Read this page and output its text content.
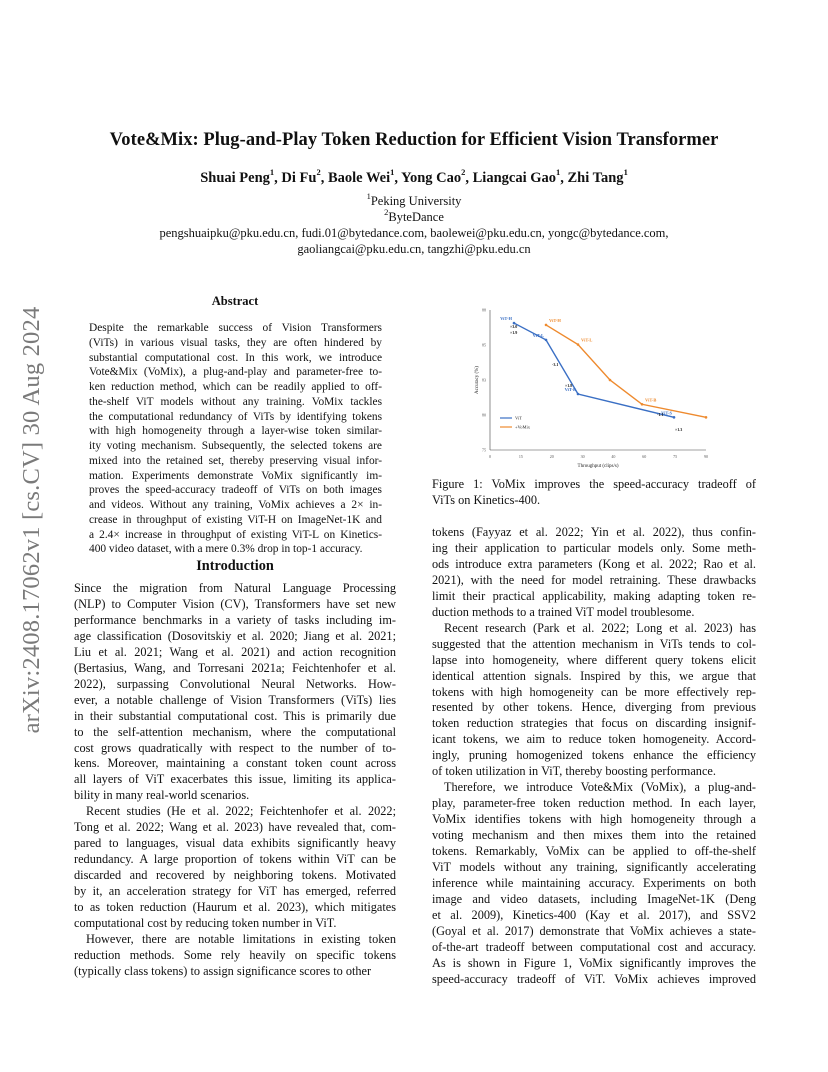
Vote&Mix: Plug-and-Play Token Reduction for Efficient Vision Transformer
Shuai Peng$^1$, Di Fu$^2$, Baole Wei$^1$, Yong Cao$^2$, Liangcai Gao$^1$, Zhi Tang$^1$
$^1$Peking University
$^2$ByteDance
pengshuaipku@pku.edu.cn, fudi.01@bytedance.com, baolewei@pku.edu.cn, yongc@bytedance.com,
gaoliangcai@pku.edu.cn, tangzhi@pku.edu.cn
arXiv:2408.17062v1 [cs.CV] 30 Aug 2024
Abstract
Despite the remarkable success of Vision Transformers
(ViTs) in various visual tasks, they are often hindered by
substantial computational cost. In this work, we introduce
Vote&Mix (VoMix), a plug-and-play and parameter-free to-
ken reduction method, which can be readily applied to off-
the-shelf ViT models without any training. VoMix tackles
the computational redundancy of ViTs by identifying tokens
with high homogeneity through a layer-wise token similar-
ity voting mechanism. Subsequently, the selected tokens are
mixed into the retained set, thereby preserving visual infor-
mation. Experiments demonstrate VoMix significantly im-
proves the speed-accuracy tradeoff of ViTs on both images
and videos. Without any training, VoMix achieves a 2× in-
crease in throughput of existing ViT-H on ImageNet-1K and
a 2.4× increase in throughput of existing ViT-L on Kinetics-
400 video dataset, with a mere 0.3% drop in top-1 accuracy.
Introduction
Since the migration from Natural Language Processing
(NLP) to Computer Vision (CV), Transformers have set new
performance benchmarks in a variety of tasks including im-
age classification (Dosovitskiy et al. 2020; Jiang et al. 2021;
Liu et al. 2021; Wang et al. 2021) and action recognition
(Bertasius, Wang, and Torresani 2021a; Feichtenhofer et al.
2022), surpassing Convolutional Neural Networks. How-
ever, a notable challenge of Vision Transformers (ViTs) lies
in their substantial computational cost. This is primarily due
to the self-attention mechanism, where the computational
cost grows quadratically with respect to the number of to-
kens. Moreover, maintaining a constant token count across
all layers of ViT exacerbates this issue, limiting its applica-
bility in many real-world scenarios.
Recent studies (He et al. 2022; Feichtenhofer et al. 2022;
Tong et al. 2022; Wang et al. 2023) have revealed that, com-
pared to languages, visual data exhibits significantly heavy
redundancy. A large proportion of tokens within ViT can be
discarded and recovered by neighboring tokens. Motivated
by it, an acceleration strategy for ViT has emerged, referred
to as token reduction (Haurum et al. 2023), which mitigates
computational cost by reducing token number in ViT.
However, there are notable limitations in existing token
reduction methods. Some rely heavily on specific tokens
(typically class tokens) to assign significance scores to other
0	15	20	30	40	60	75	90
75
80
83
85
88
Throughput (clips/s)
Accuracy (%)
ViT-H
ViT-L
ViT-B
ViT-S
ViT-H
ViT-L
ViT-B
×3.0
×1.9
-3.1
×1.8
-1.1
×1.3
ViT
+VoMix
Figure 1: VoMix improves the speed-accuracy tradeoff of
ViTs on Kinetics-400.
tokens (Fayyaz et al. 2022; Yin et al. 2022), thus confin-
ing their application to particular models only. Some meth-
ods introduce extra parameters (Kong et al. 2022; Rao et al.
2021), with the need for model retraining. These drawbacks
limit their practical applicability, making adapting token re-
duction methods to a trained ViT model troublesome.
Recent research (Park et al. 2022; Long et al. 2023) has
suggested that the attention mechanism in ViTs tends to col-
lapse into homogeneity, where different query tokens elicit
identical attention signals. Inspired by this, we argue that
tokens with high homogeneity can be more effectively rep-
resented by other tokens. Hence, diverging from previous
token reduction strategies that focus on discarding insignif-
icant tokens, we aim to reduce token homogeneity. Accord-
ingly, pruning homogenized tokens enhance the efficiency
of token utilization in ViT, thereby boosting performance.
Therefore, we introduce Vote&Mix (VoMix), a plug-and-
play, parameter-free token reduction method. In each layer,
VoMix identifies tokens with high homogeneity through a
voting mechanism and then mixes them into the retained
tokens. Remarkably, VoMix can be applied to off-the-shelf
ViT models without any training, significantly accelerating
inference while maintaining accuracy. Experiments on both
image and video datasets, including ImageNet-1K (Deng
et al. 2009), Kinetics-400 (Kay et al. 2017), and SSV2
(Goyal et al. 2017) demonstrate that VoMix achieves a state-
of-the-art tradeoff between computational cost and accuracy.
As is shown in Figure 1, VoMix significantly improves the
speed-accuracy tradeoff of ViT. VoMix achieves improved
